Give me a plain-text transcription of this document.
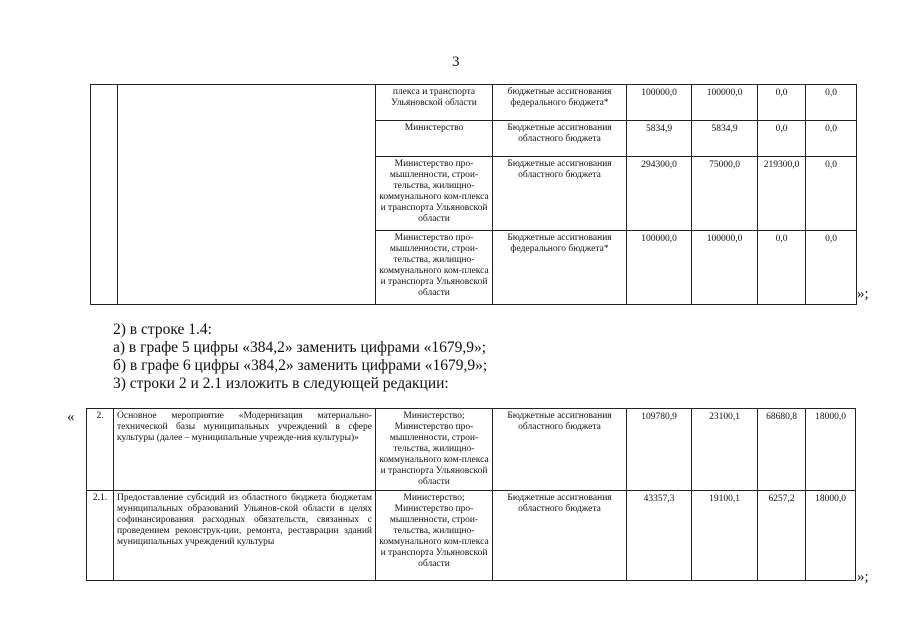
3
		плекса и транспорта Ульяновской области	бюджетные ассигнования федерального бюджета*	100000,0	100000,0	0,0	0,0
		Министерство	Бюджетные ассигнования областного бюджета	5834,9	5834,9	0,0	0,0
		Министерство про-мышленности, строи-тельства, жилищно-коммунального ком-плекса и транспорта Ульяновской области	Бюджетные ассигнования областного бюджета	294300,0	75000,0	219300,0	0,0
		Министерство про-мышленности, строи-тельства, жилищно-коммунального ком-плекса и транспорта Ульяновской области	Бюджетные ассигнования федерального бюджета*	100000,0	100000,0	0,0	0,0
»;
2) в строке 1.4:
а) в графе 5 цифры «384,2» заменить цифрами «1679,9»;
б) в графе 6 цифры «384,2» заменить цифрами «1679,9»;
3) строки 2 и 2.1 изложить в следующей редакции:
« 2.	Основное мероприятие «Модернизация материально-технической базы муниципальных учреждений в сфере культуры (далее – муниципальные учрежде-ния культуры)»	Министерство; Министерство про-мышленности, строи-тельства, жилищно-коммунального ком-плекса и транспорта Ульяновской области	Бюджетные ассигнования областного бюджета	109780,9	23100,1	68680,8	18000,0
2.1.	Предоставление субсидий из областного бюджета бюджетам муниципальных образований Ульянов-ской области в целях софинансирования расходных обязательств, связанных с проведением реконструк-ции, ремонта, реставрации зданий муниципальных учреждений культуры	Министерство; Министерство про-мышленности, строи-тельства, жилищно-коммунального ком-плекса и транспорта Ульяновской области	Бюджетные ассигнования областного бюджета	43357,3	19100,1	6257,2	18000,0
»;
